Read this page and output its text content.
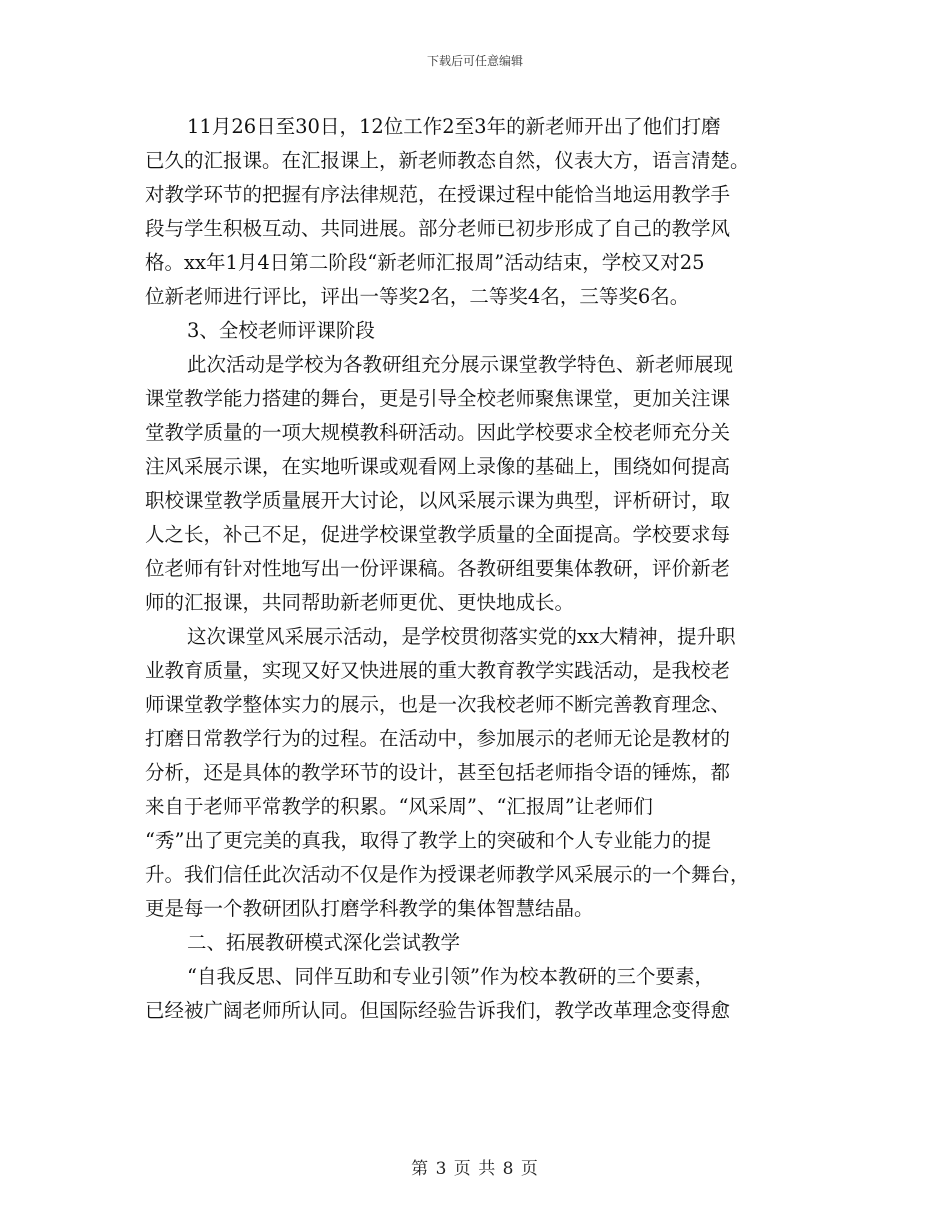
下载后可任意编辑
11月26日至30日，12位工作2至3年的新老师开出了他们打磨
已久的汇报课。在汇报课上，新老师教态自然，仪表大方，语言清楚。
对教学环节的把握有序法律规范，在授课过程中能恰当地运用教学手
段与学生积极互动、共同进展。部分老师已初步形成了自己的教学风
格。xx年1月4日第二阶段“新老师汇报周”活动结束，学校又对25
位新老师进行评比，评出一等奖2名，二等奖4名，三等奖6名。
3、全校老师评课阶段
此次活动是学校为各教研组充分展示课堂教学特色、新老师展现
课堂教学能力搭建的舞台，更是引导全校老师聚焦课堂，更加关注课
堂教学质量的一项大规模教科研活动。因此学校要求全校老师充分关
注风采展示课，在实地听课或观看网上录像的基础上，围绕如何提高
职校课堂教学质量展开大讨论，以风采展示课为典型，评析研讨，取
人之长，补己不足，促进学校课堂教学质量的全面提高。学校要求每
位老师有针对性地写出一份评课稿。各教研组要集体教研，评价新老
师的汇报课，共同帮助新老师更优、更快地成长。
这次课堂风采展示活动，是学校贯彻落实党的xx大精神，提升职
业教育质量，实现又好又快进展的重大教育教学实践活动，是我校老
师课堂教学整体实力的展示，也是一次我校老师不断完善教育理念、
打磨日常教学行为的过程。在活动中，参加展示的老师无论是教材的
分析，还是具体的教学环节的设计，甚至包括老师指令语的锤炼，都
来自于老师平常教学的积累。“风采周”、“汇报周”让老师们
“秀”出了更完美的真我，取得了教学上的突破和个人专业能力的提
升。我们信任此次活动不仅是作为授课老师教学风采展示的一个舞台，
更是每一个教研团队打磨学科教学的集体智慧结晶。
二、拓展教研模式深化尝试教学
“自我反思、同伴互助和专业引领”作为校本教研的三个要素，
已经被广阔老师所认同。但国际经验告诉我们，教学改革理念变得愈
第 3 页 共 8 页
